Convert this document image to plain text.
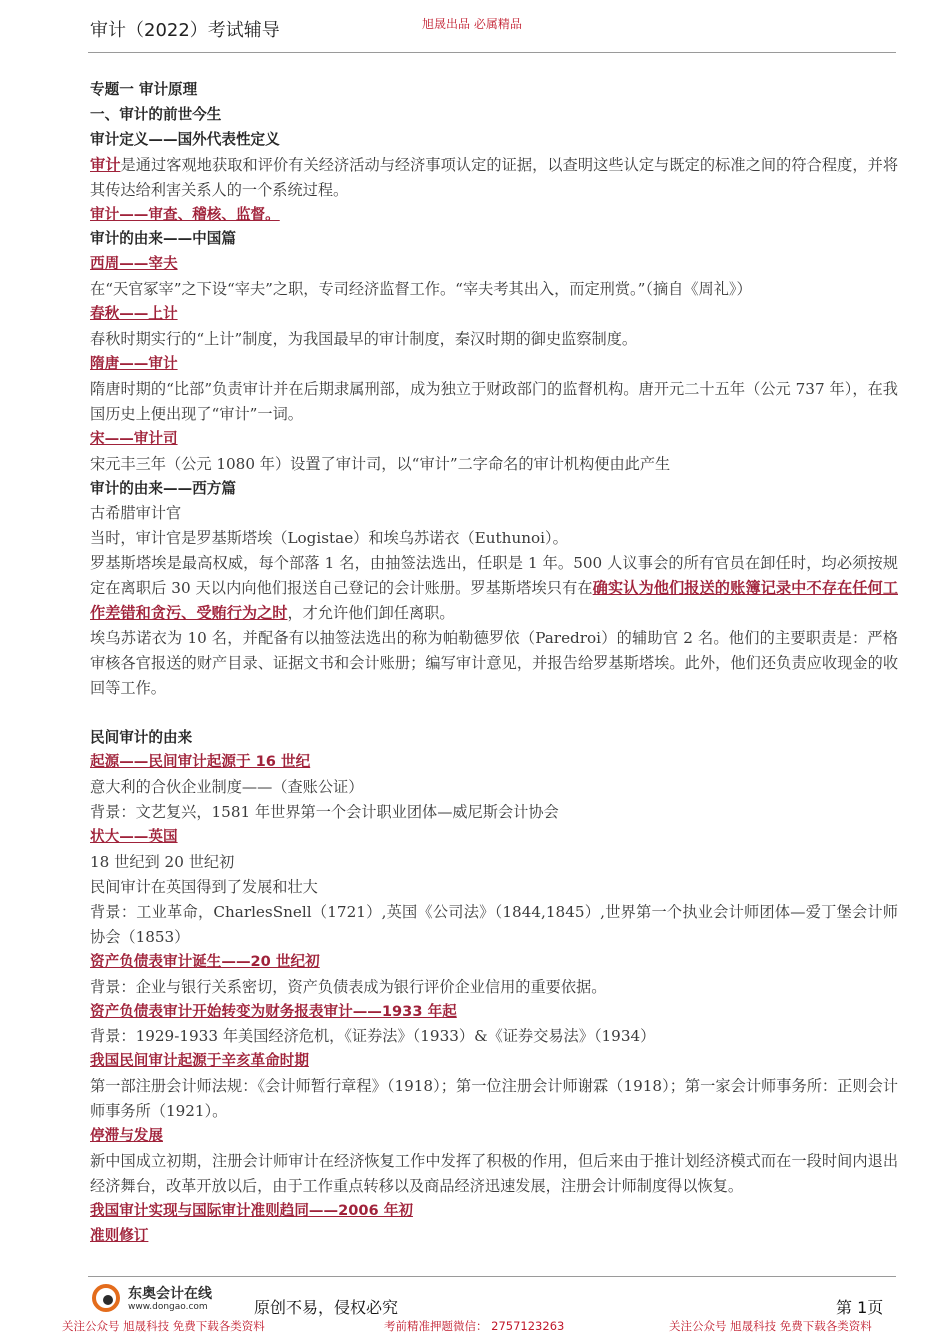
审计（2022）考试辅导	旭晟出品 必属精品
专题一 审计原理
一、审计的前世今生
审计定义——国外代表性定义
审计是通过客观地获取和评价有关经济活动与经济事项认定的证据，以查明这些认定与既定的标准之间的符合程度，并将其传达给利害关系人的一个系统过程。
审计——审查、稽核、监督。
审计的由来——中国篇
西周——宰夫
在“天官冢宰”之下设“宰夫”之职，专司经济监督工作。“宰夫考其出入，而定刑赏。”（摘自《周礼》）
春秋——上计
春秋时期实行的“上计”制度，为我国最早的审计制度，秦汉时期的御史监察制度。
隋唐——审计
隋唐时期的“比部”负责审计并在后期隶属刑部，成为独立于财政部门的监督机构。唐开元二十五年（公元 737 年），在我国历史上便出现了“审计”一词。
宋——审计司
宋元丰三年（公元 1080 年）设置了审计司，以“审计”二字命名的审计机构便由此产生
审计的由来——西方篇
古希腊审计官
当时，审计官是罗基斯塔埃（Logistae）和埃乌苏诺衣（Euthunoi）。
罗基斯塔埃是最高权威，每个部落 1 名，由抽签法选出，任职是 1 年。500 人议事会的所有官员在卸任时，均必须按规定在离职后 30 天以内向他们报送自己登记的会计账册。罗基斯塔埃只有在确实认为他们报送的账簿记录中不存在任何工作差错和贪污、受贿行为之时，才允许他们卸任离职。
埃乌苏诺衣为 10 名，并配备有以抽签法选出的称为帕勒德罗依（Paredroi）的辅助官 2 名。他们的主要职责是：严格审核各官报送的财产目录、证据文书和会计账册；编写审计意见，并报告给罗基斯塔埃。此外，他们还负责应收现金的收回等工作。
民间审计的由来
起源——民间审计起源于 16 世纪
意大利的合伙企业制度——（查账公证）
背景：文艺复兴，1581 年世界第一个会计职业团体—威尼斯会计协会
状大——英国
18 世纪到 20 世纪初
民间审计在英国得到了发展和壮大
背景：工业革命，CharlesSnell（1721）,英国《公司法》（1844,1845）,世界第一个执业会计师团体—爱丁堡会计师协会（1853）
资产负债表审计诞生——20 世纪初
背景：企业与银行关系密切，资产负债表成为银行评价企业信用的重要依据。
资产负债表审计开始转变为财务报表审计——1933 年起
背景：1929-1933 年美国经济危机，《证券法》（1933）&《证券交易法》（1934）
我国民间审计起源于辛亥革命时期
第一部注册会计师法规：《会计师暂行章程》（1918）；第一位注册会计师谢霖（1918）；第一家会计师事务所：正则会计师事务所（1921）。
停滞与发展
新中国成立初期，注册会计师审计在经济恢复工作中发挥了积极的作用，但后来由于推计划经济模式而在一段时间内退出经济舞台，改革开放以后，由于工作重点转移以及商品经济迅速发展，注册会计师制度得以恢复。
我国审计实现与国际审计准则趋同——2006 年初
准则修订
东奥会计在线
www.dongao.com	原创不易，侵权必究	第 1页
关注公众号 旭晟科技 免费下载各类资料	考前精准押题微信： 2757123263	关注公众号 旭晟科技 免费下载各类资料
